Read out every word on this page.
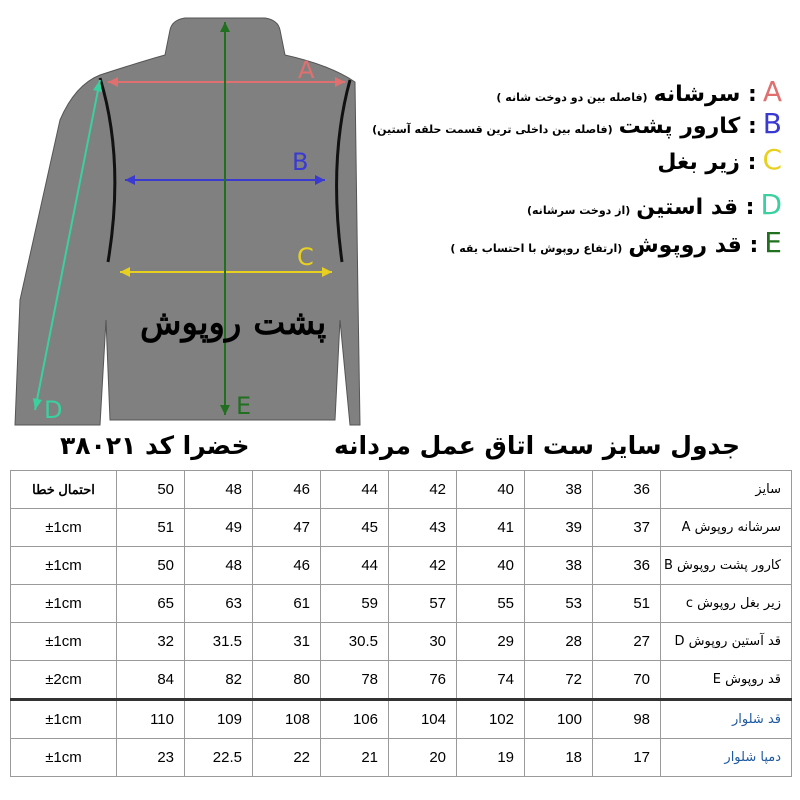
A
B
C
D	E
پشت روپوش
A
: سرشانه
(فاصله بین دو دوخت شانه )
B
: کارور پشت
(فاصله بین داخلی ترین قسمت حلقه آستین)
C
: زیر بغل
D
: قد استین
(از دوخت سرشانه)
E
: قد روپوش
(ارتفاع روپوش با احتساب یقه )
جدول سایز ست اتاق عمل مردانه
خضرا کد ۳۸۰۲۱
احتمال خطا	50	48	46	44	42	40	38	36	سایز
±1cm	51	49	47	45	43	41	39	37	سرشانه روپوش A
±1cm	50	48	46	44	42	40	38	36	کارور پشت روپوش B
±1cm	65	63	61	59	57	55	53	51	زیر بغل روپوش c
±1cm	32	31.5	31	30.5	30	29	28	27	قد آستین روپوش D
±2cm	84	82	80	78	76	74	72	70	قد روپوش E
±1cm	110	109	108	106	104	102	100	98	قد شلوار
±1cm	23	22.5	22	21	20	19	18	17	دمپا شلوار
